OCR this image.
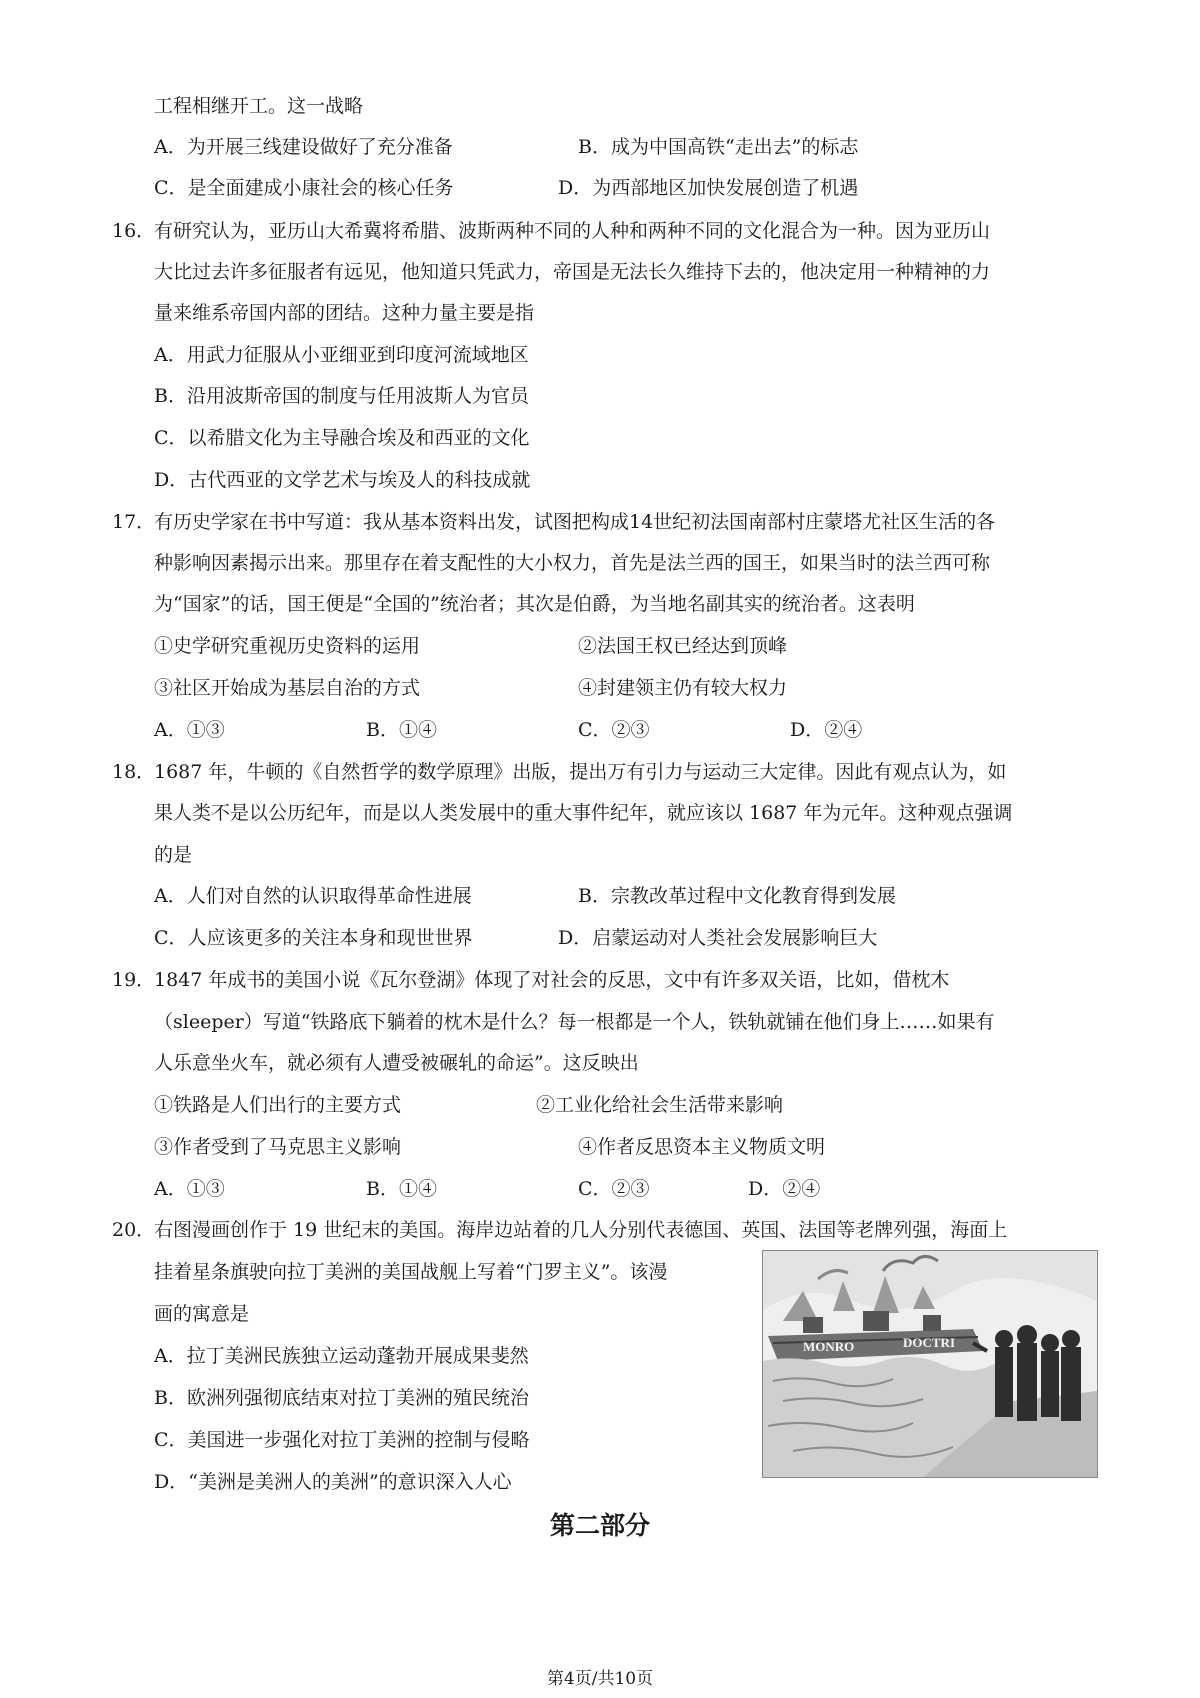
工程相继开工。这一战略
A．为开展三线建设做好了充分准备	B．成为中国高铁“走出去”的标志
C．是全面建成小康社会的核心任务	D．为西部地区加快发展创造了机遇
16．
有研究认为，亚历山大希冀将希腊、波斯两种不同的人种和两种不同的文化混合为一种。因为亚历山
大比过去许多征服者有远见，他知道只凭武力，帝国是无法长久维持下去的，他决定用一种精神的力
量来维系帝国内部的团结。这种力量主要是指
A．用武力征服从小亚细亚到印度河流域地区
B．沿用波斯帝国的制度与任用波斯人为官员
C．以希腊文化为主导融合埃及和西亚的文化
D．古代西亚的文学艺术与埃及人的科技成就
17．
有历史学家在书中写道：我从基本资料出发，试图把构成14世纪初法国南部村庄蒙塔尤社区生活的各
种影响因素揭示出来。那里存在着支配性的大小权力，首先是法兰西的国王，如果当时的法兰西可称
为“国家”的话，国王便是“全国的”统治者；其次是伯爵，为当地名副其实的统治者。这表明
①史学研究重视历史资料的运用	②法国王权已经达到顶峰
③社区开始成为基层自治的方式	④封建领主仍有较大权力
A．①③	B．①④	C．②③	D．②④
18．
1687 年，牛顿的《自然哲学的数学原理》出版，提出万有引力与运动三大定律。因此有观点认为，如
果人类不是以公历纪年，而是以人类发展中的重大事件纪年，就应该以 1687 年为元年。这种观点强调
的是
A．人们对自然的认识取得革命性进展	B．宗教改革过程中文化教育得到发展
C．人应该更多的关注本身和现世世界	D．启蒙运动对人类社会发展影响巨大
19．
1847 年成书的美国小说《瓦尔登湖》体现了对社会的反思，文中有许多双关语，比如，借枕木
（sleeper）写道“铁路底下躺着的枕木是什么？每一根都是一个人，铁轨就铺在他们身上……如果有
人乐意坐火车，就必须有人遭受被碾轧的命运”。这反映出
①铁路是人们出行的主要方式	②工业化给社会生活带来影响
③作者受到了马克思主义影响	④作者反思资本主义物质文明
A．①③	B．①④	C．②③	D．②④
20．
右图漫画创作于 19 世纪末的美国。海岸边站着的几人分别代表德国、英国、法国等老牌列强，海面上
挂着星条旗驶向拉丁美洲的美国战舰上写着“门罗主义”。该漫
画的寓意是
A．拉丁美洲民族独立运动蓬勃开展成果斐然
B．欧洲列强彻底结束对拉丁美洲的殖民统治
C．美国进一步强化对拉丁美洲的控制与侵略
D．“美洲是美洲人的美洲”的意识深入人心
MONRO	DOCTRI
第二部分
第4页/共10页
